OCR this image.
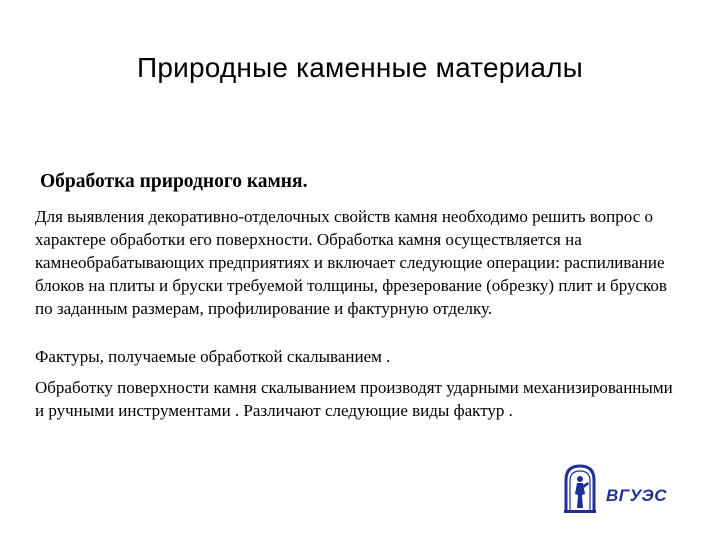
Природные каменные материалы
Обработка природного камня.

Для выявления декоративно-отделочных свойств камня необходимо решить вопрос о характере обработки его поверхности. Обработка камня осуществляется на камнеобрабатывающих предприятиях и включает следующие операции: распиливание блоков на плиты и бруски требуемой толщины, фрезерование (обрезку) плит и брусков по заданным размерам, профилирование и фактурную отделку.

Фактуры, получаемые обработкой скалыванием .

Обработку поверхности камня скалыванием производят ударными механизированными и ручными инструментами . Различают следующие виды фактур .

ВГУЭС
